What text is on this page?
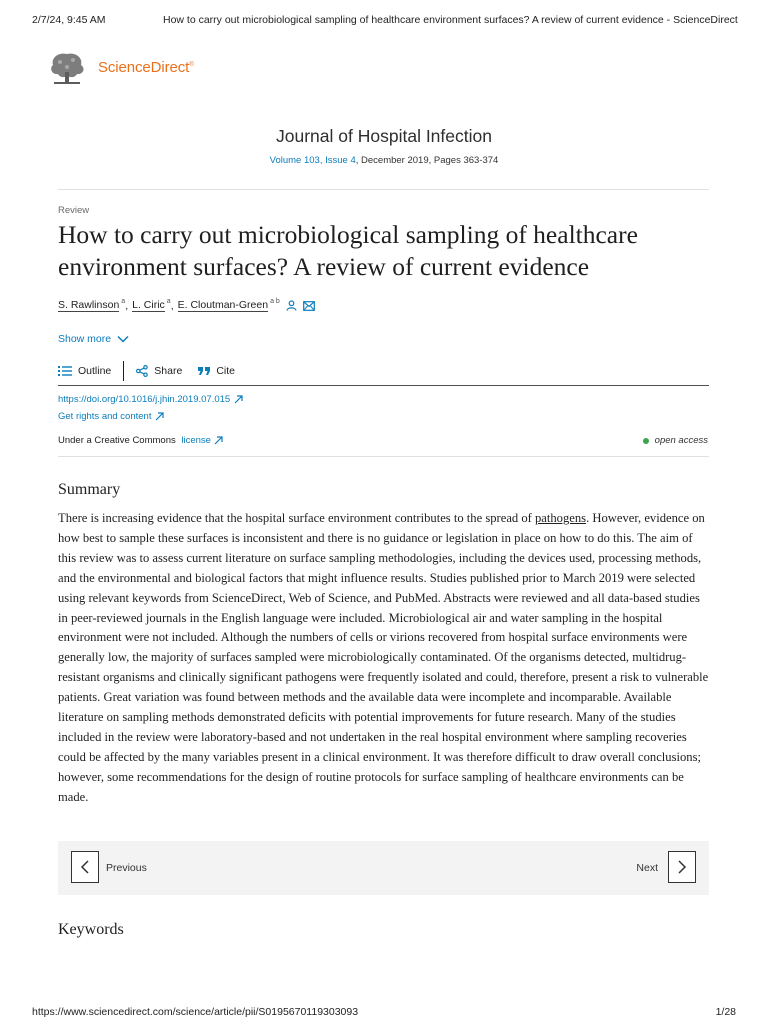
2/7/24, 9:45 AM	How to carry out microbiological sampling of healthcare environment surfaces? A review of current evidence - ScienceDirect
ScienceDirect®
Journal of Hospital Infection
Volume 103, Issue 4, December 2019, Pages 363-374
Review
How to carry out microbiological sampling of healthcare environment surfaces? A review of current evidence
S. Rawlinson $^a$ , L. Ciric $^a$ , E. Cloutman-Green $^{a b}$
Show more
Outline	Share	Cite
https://doi.org/10.1016/j.jhin.2019.07.015
Get rights and content
Under a Creative Commons license	open access
Summary

There is increasing evidence that the hospital surface environment contributes to the spread of pathogens. However, evidence on how best to sample these surfaces is inconsistent and there is no guidance or legislation in place on how to do this. The aim of this review was to assess current literature on surface sampling methodologies, including the devices used, processing methods, and the environmental and biological factors that might influence results. Studies published prior to March 2019 were selected using relevant keywords from ScienceDirect, Web of Science, and PubMed. Abstracts were reviewed and all data-based studies in peer-reviewed journals in the English language were included. Microbiological air and water sampling in the hospital environment were not included. Although the numbers of cells or virions recovered from hospital surface environments were generally low, the majority of surfaces sampled were microbiologically contaminated. Of the organisms detected, multidrug-resistant organisms and clinically significant pathogens were frequently isolated and could, therefore, present a risk to vulnerable patients. Great variation was found between methods and the available data were incomplete and incomparable. Available literature on sampling methods demonstrated deficits with potential improvements for future research. Many of the studies included in the review were laboratory-based and not undertaken in the real hospital environment where sampling recoveries could be affected by the many variables present in a clinical environment. It was therefore difficult to draw overall conclusions; however, some recommendations for the design of routine protocols for surface sampling of healthcare environments can be made.

Previous	Next
Keywords
https://www.sciencedirect.com/science/article/pii/S0195670119303093	1/28
